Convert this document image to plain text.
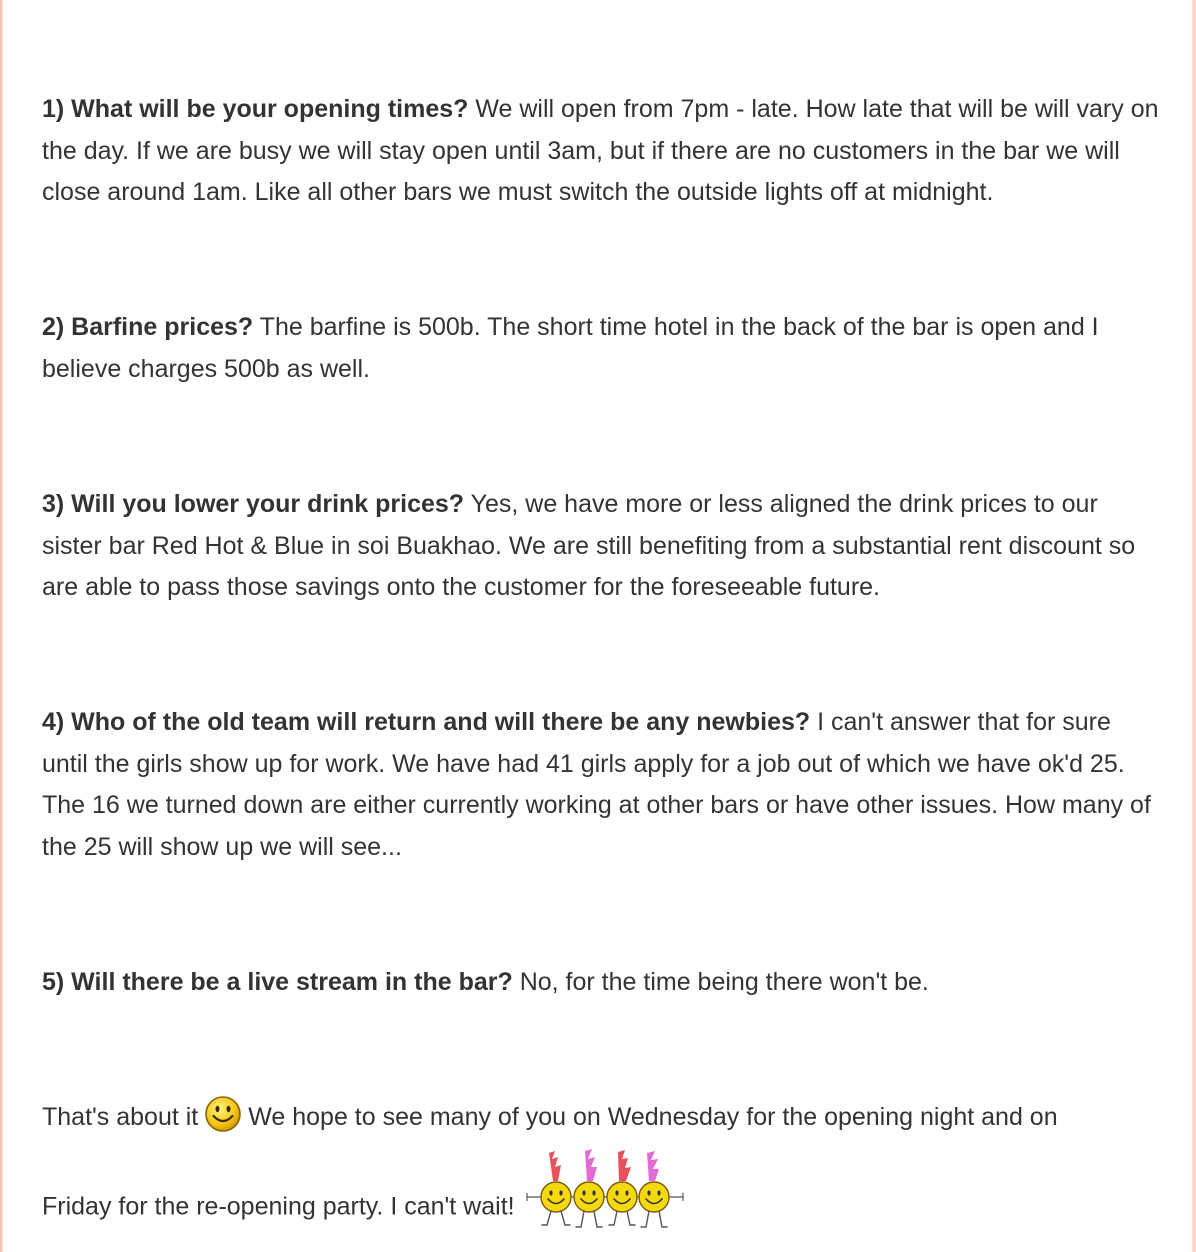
1) What will be your opening times? We will open from 7pm - late. How late that will be will vary on the day. If we are busy we will stay open until 3am, but if there are no customers in the bar we will close around 1am. Like all other bars we must switch the outside lights off at midnight.

2) Barfine prices? The barfine is 500b. The short time hotel in the back of the bar is open and I believe charges 500b as well.

3) Will you lower your drink prices? Yes, we have more or less aligned the drink prices to our sister bar Red Hot & Blue in soi Buakhao. We are still benefiting from a substantial rent discount so are able to pass those savings onto the customer for the foreseeable future.

4) Who of the old team will return and will there be any newbies? I can't answer that for sure until the girls show up for work. We have had 41 girls apply for a job out of which we have ok'd 25. The 16 we turned down are either currently working at other bars or have other issues. How many of the 25 will show up we will see...

5) Will there be a live stream in the bar? No, for the time being there won't be.

That's about it We hope to see many of you on Wednesday for the opening night and on

Friday for the re-opening party. I can't wait!
